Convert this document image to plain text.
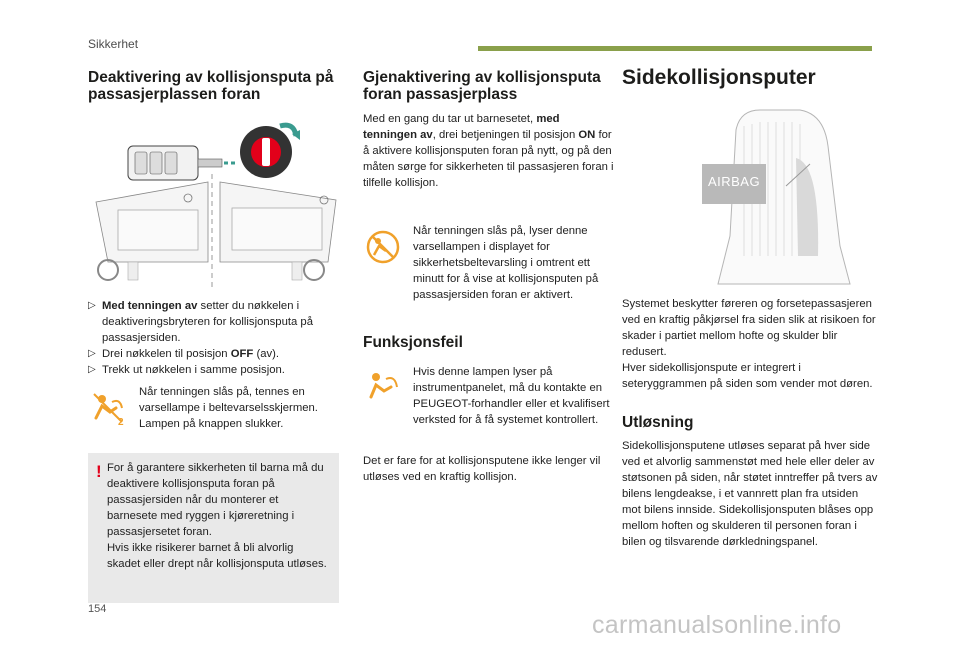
Sikkerhet
Deaktivering av kollisjonsputa på passasjerplassen foran
▷ Med tenningen av setter du nøkkelen i deaktiveringsbryteren for kollisjonsputa på passasjersiden.
▷ Drei nøkkelen til posisjon OFF (av).
▷ Trekk ut nøkkelen i samme posisjon.
2
Når tenningen slås på, tennes en varsellampe i beltevarselsskjermen. Lampen på knappen slukker.
! For å garantere sikkerheten til barna må du deaktivere kollisjonsputa foran på passasjersiden når du monterer et barnesete med ryggen i kjøreretning i passasjersetet foran.
Hvis ikke risikerer barnet å bli alvorlig skadet eller drept når kollisjonsputa utløses.
Gjenaktivering av kollisjonsputa foran passasjerplass
Med en gang du tar ut barnesetet, med tenningen av, drei betjeningen til posisjon ON for å aktivere kollisjonsputen foran på nytt, og på den måten sørge for sikkerheten til passasjeren foran i tilfelle kollisjon.
Når tenningen slås på, lyser denne varsellampen i displayet for sikkerhetsbeltevarsling i omtrent ett minutt for å vise at kollisjonsputen på passasjersiden foran er aktivert.
Funksjonsfeil
Hvis denne lampen lyser på instrumentpanelet, må du kontakte en PEUGEOT-forhandler eller et kvalifisert verksted for å få systemet kontrollert.
Det er fare for at kollisjonsputene ikke lenger vil utløses ved en kraftig kollisjon.
Sidekollisjonsputer
AIRBAG
Systemet beskytter føreren og forsetepassasjeren ved en kraftig påkjørsel fra siden slik at risikoen for skader i partiet mellom hofte og skulder blir redusert.
Hver sidekollisjonspute er integrert i seteryggrammen på siden som vender mot døren.
Utløsning
Sidekollisjonsputene utløses separat på hver side ved et alvorlig sammenstøt med hele eller deler av støtsonen på siden, når støtet inntreffer på tvers av bilens lengdeakse, i et vannrett plan fra utsiden mot bilens innside. Sidekollisjonsputen blåses opp mellom hoften og skulderen til personen foran i bilen og tilsvarende dørkledningspanel.
154
carmanualsonline.info
